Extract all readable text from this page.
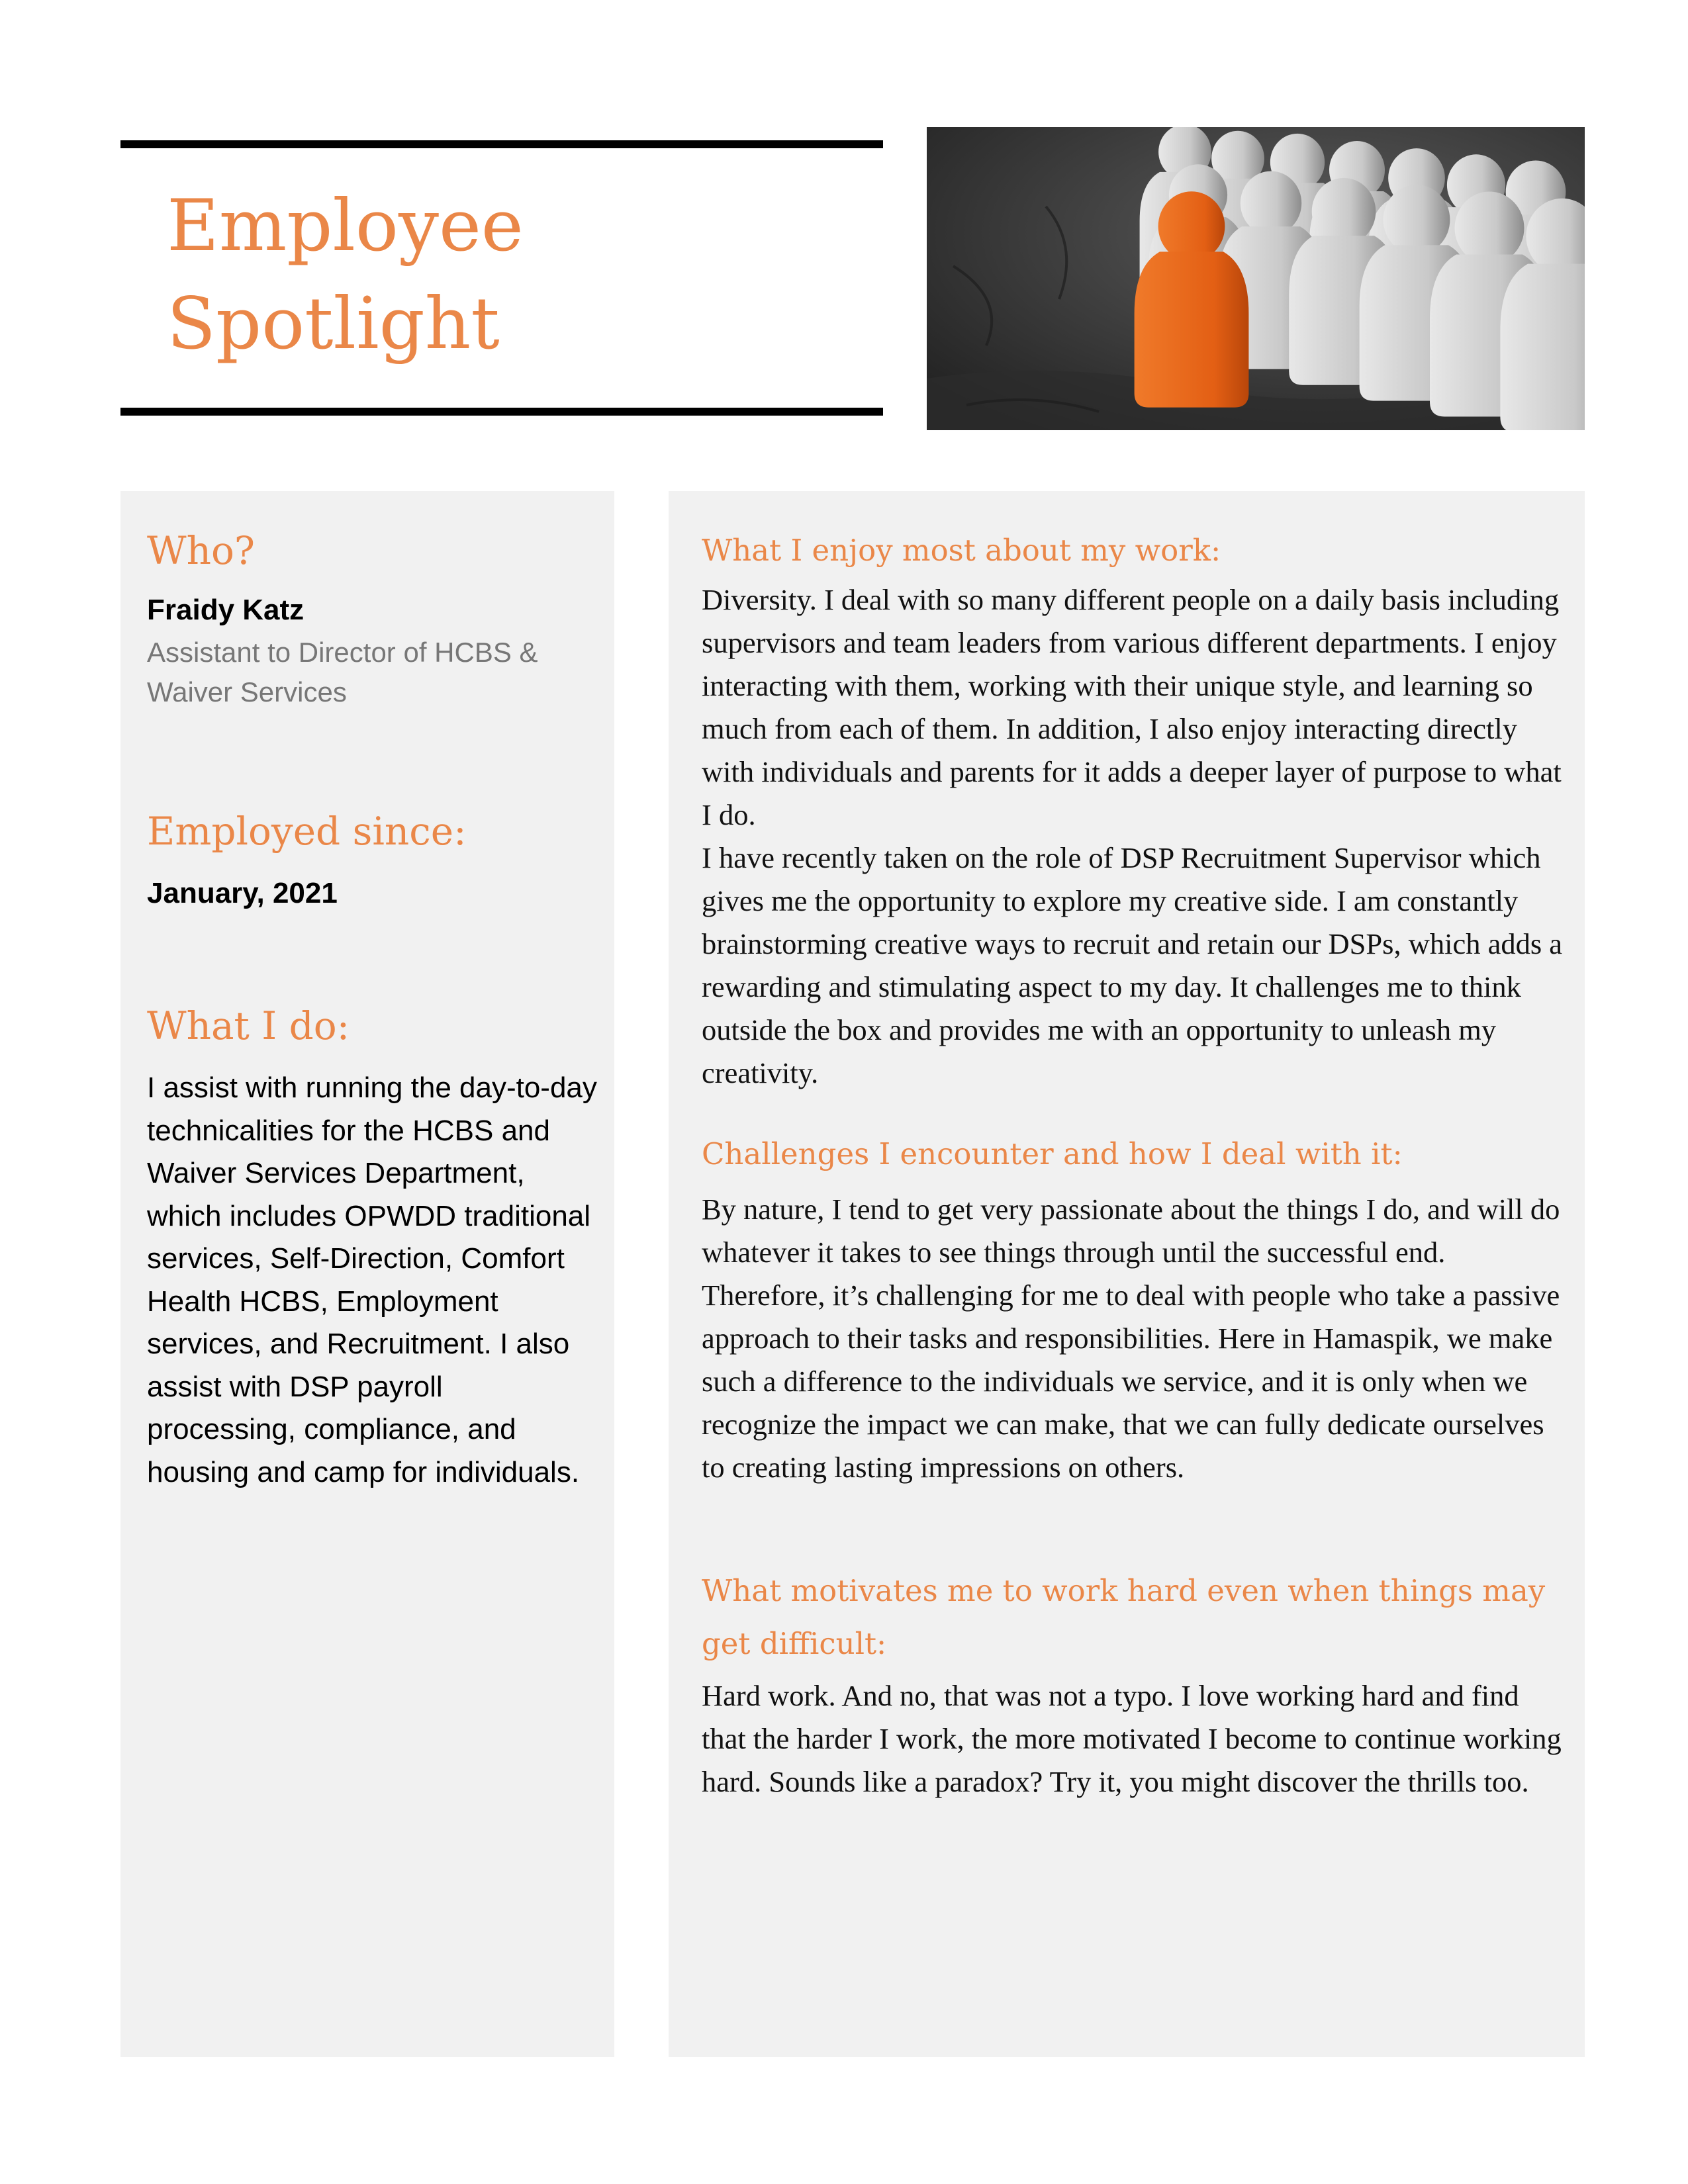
Employee
Spotlight
Who?

Fraidy Katz

Assistant to Director of HCBS & Waiver Services

Employed since:

January, 2021

What I do:

I assist with running the day-to-day technicalities for the HCBS and Waiver Services Department, which includes OPWDD traditional services, Self-Direction, Comfort Health HCBS, Employment services, and Recruitment. I also assist with DSP payroll processing, compliance, and housing and camp for individuals.

What I enjoy most about my work:

Diversity. I deal with so many different people on a daily basis including supervisors and team leaders from various different departments. I enjoy interacting with them, working with their unique style, and learning so much from each of them. In addition, I also enjoy interacting directly with individuals and parents for it adds a deeper layer of purpose to what I do.

I have recently taken on the role of DSP Recruitment Supervisor which gives me the opportunity to explore my creative side. I am constantly brainstorming creative ways to recruit and retain our DSPs, which adds a rewarding and stimulating aspect to my day. It challenges me to think outside the box and provides me with an opportunity to unleash my creativity.

Challenges I encounter and how I deal with it:

By nature, I tend to get very passionate about the things I do, and will do whatever it takes to see things through until the successful end. Therefore, it’s challenging for me to deal with people who take a passive approach to their tasks and responsibilities. Here in Hamaspik, we make such a difference to the individuals we service, and it is only when we recognize the impact we can make, that we can fully dedicate ourselves to creating lasting impressions on others.

What motivates me to work hard even when things may get difficult:

Hard work. And no, that was not a typo. I love working hard and find that the harder I work, the more motivated I become to continue working hard. Sounds like a paradox? Try it, you might discover the thrills too.
